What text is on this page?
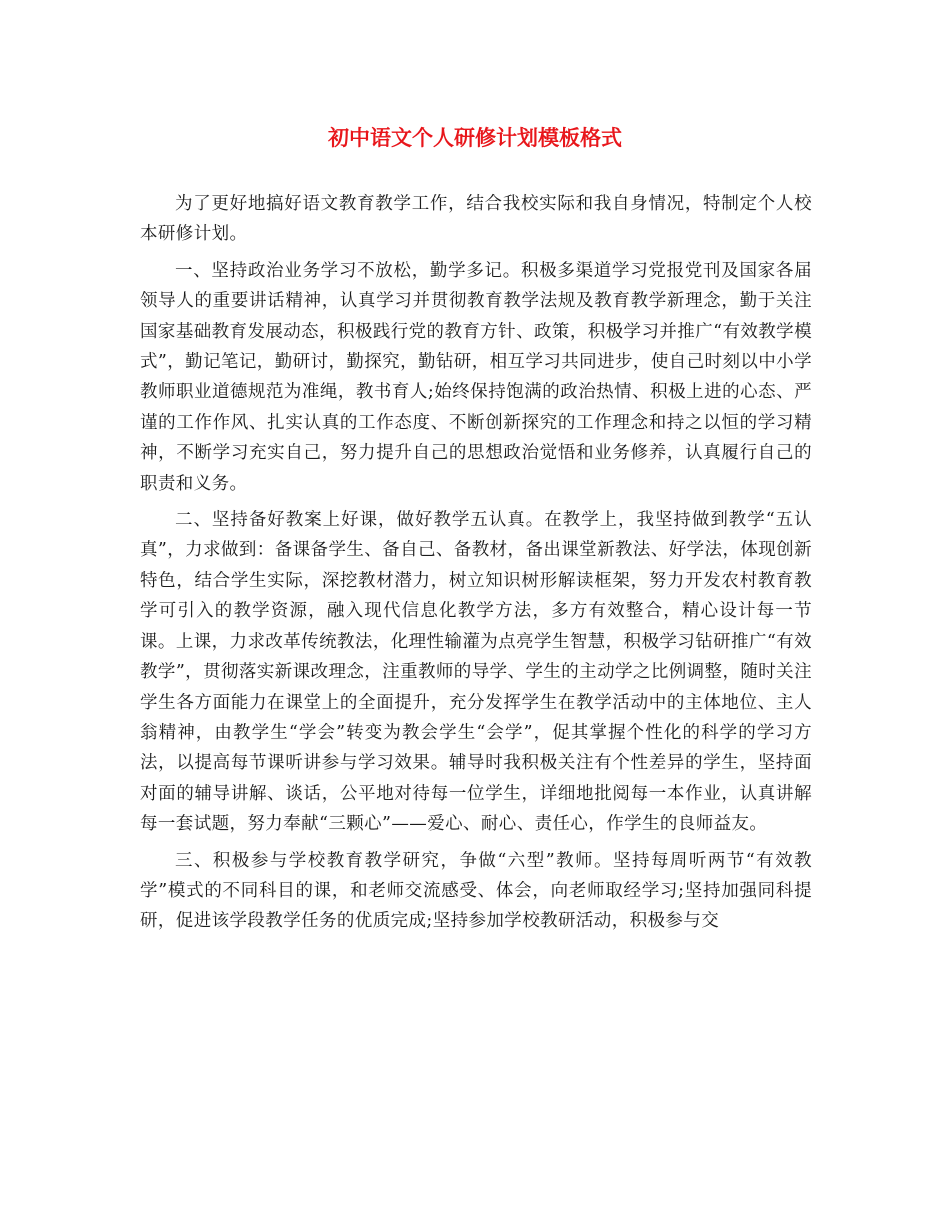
初中语文个人研修计划模板格式

为了更好地搞好语文教育教学工作，结合我校实际和我自身情况，特制定个人校本研修计划。

一、坚持政治业务学习不放松，勤学多记。积极多渠道学习党报党刊及国家各届领导人的重要讲话精神，认真学习并贯彻教育教学法规及教育教学新理念，勤于关注国家基础教育发展动态，积极践行党的教育方针、政策，积极学习并推广“有效教学模式”，勤记笔记，勤研讨，勤探究，勤钻研，相互学习共同进步，使自己时刻以中小学教师职业道德规范为准绳，教书育人;始终保持饱满的政治热情、积极上进的心态、严谨的工作作风、扎实认真的工作态度、不断创新探究的工作理念和持之以恒的学习精神，不断学习充实自己，努力提升自己的思想政治觉悟和业务修养，认真履行自己的职责和义务。

二、坚持备好教案上好课，做好教学五认真。在教学上，我坚持做到教学“五认真”，力求做到：备课备学生、备自己、备教材，备出课堂新教法、好学法，体现创新特色，结合学生实际，深挖教材潜力，树立知识树形解读框架，努力开发农村教育教学可引入的教学资源，融入现代信息化教学方法，多方有效整合，精心设计每一节课。上课，力求改革传统教法，化理性输灌为点亮学生智慧，积极学习钻研推广“有效教学”，贯彻落实新课改理念，注重教师的导学、学生的主动学之比例调整，随时关注学生各方面能力在课堂上的全面提升，充分发挥学生在教学活动中的主体地位、主人翁精神，由教学生“学会”转变为教会学生“会学”，促其掌握个性化的科学的学习方法，以提高每节课听讲参与学习效果。辅导时我积极关注有个性差异的学生，坚持面对面的辅导讲解、谈话，公平地对待每一位学生，详细地批阅每一本作业，认真讲解每一套试题，努力奉献“三颗心”——爱心、耐心、责任心，作学生的良师益友。

三、积极参与学校教育教学研究，争做“六型”教师。坚持每周听两节“有效教学”模式的不同科目的课，和老师交流感受、体会，向老师取经学习;坚持加强同科提研，促进该学段教学任务的优质完成;坚持参加学校教研活动，积极参与交
